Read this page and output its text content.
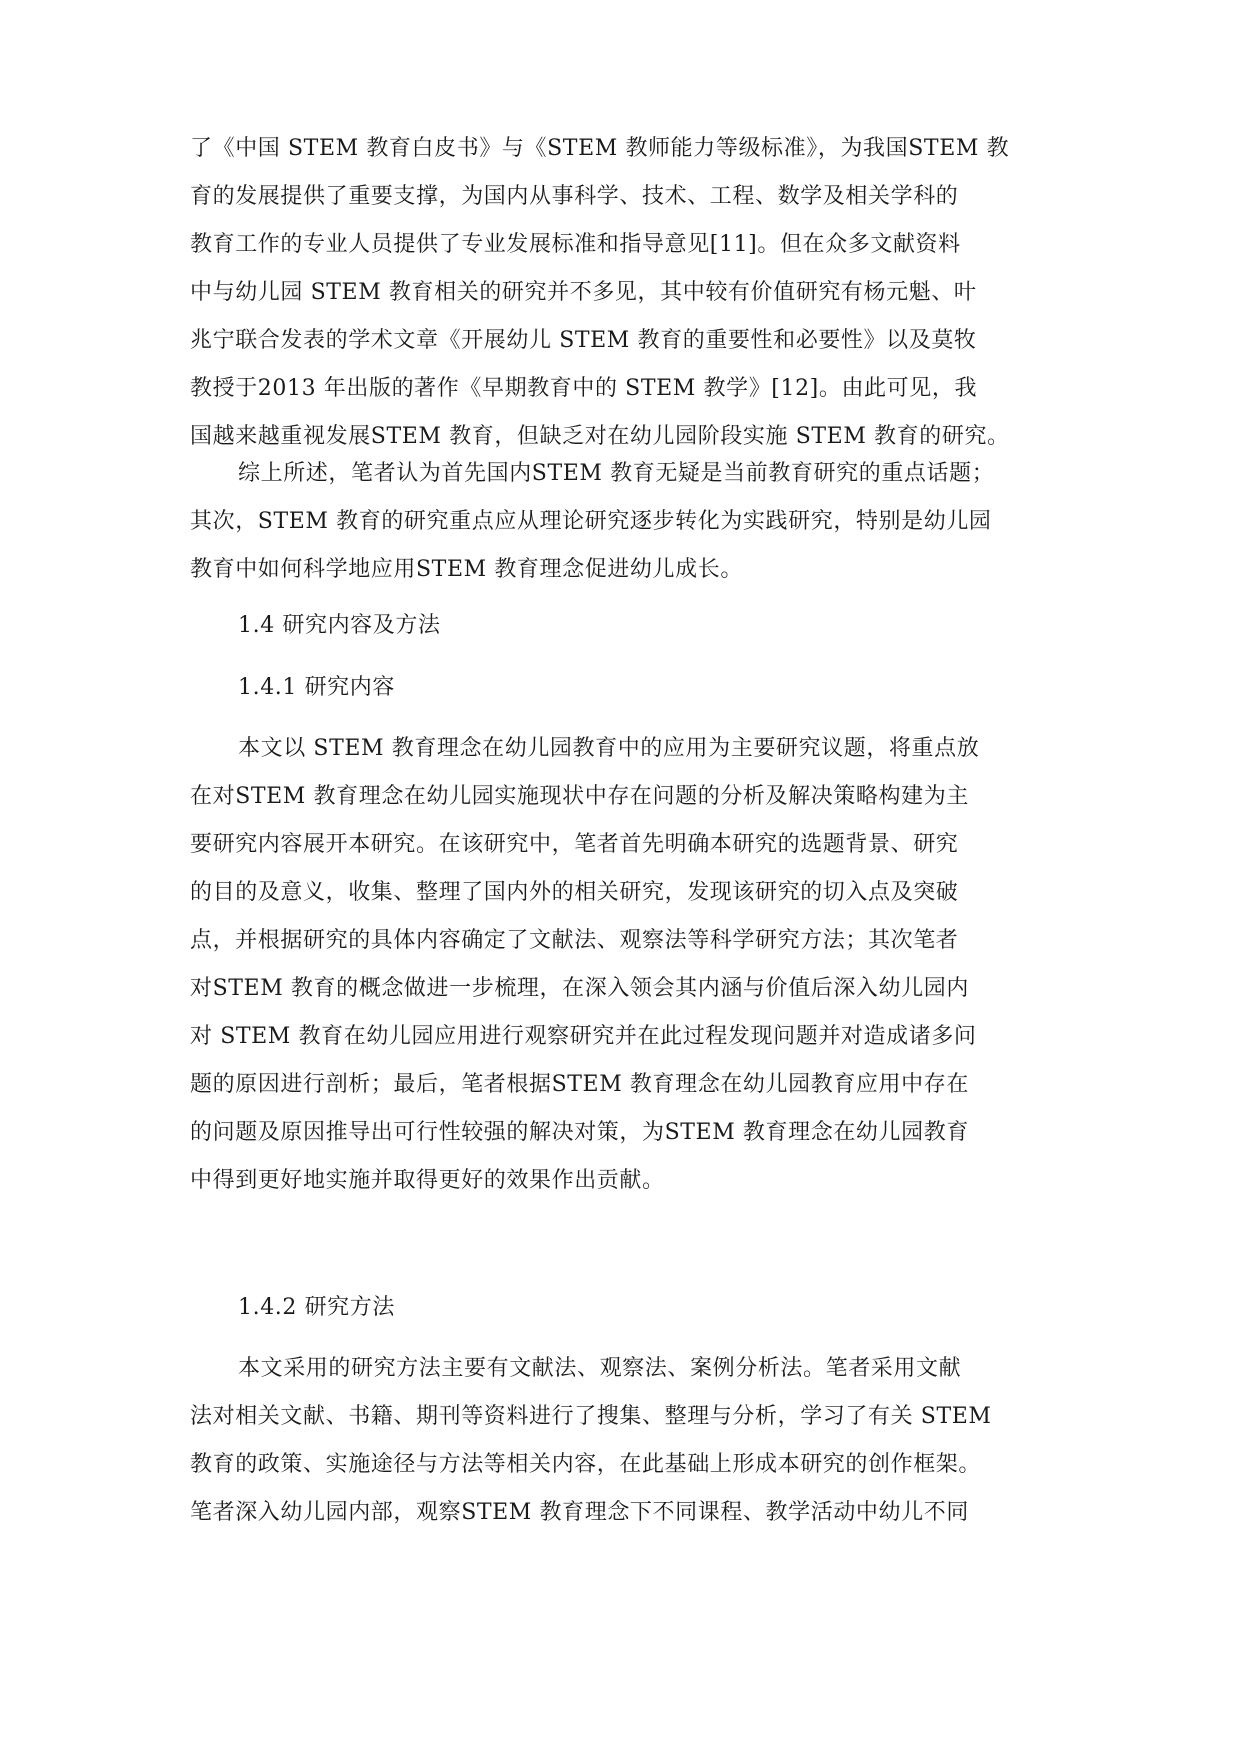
了《中国 STEM 教育白皮书》与《STEM 教师能力等级标准》，为我国STEM 教
育的发展提供了重要支撑，为国内从事科学、技术、工程、数学及相关学科的
教育工作的专业人员提供了专业发展标准和指导意见[11]。但在众多文献资料
中与幼儿园 STEM 教育相关的研究并不多见，其中较有价值研究有杨元魁、叶
兆宁联合发表的学术文章《开展幼儿 STEM 教育的重要性和必要性》以及莫牧
教授于2013 年出版的著作《早期教育中的 STEM 教学》[12]。由此可见，我
国越来越重视发展STEM 教育，但缺乏对在幼儿园阶段实施 STEM 教育的研究。
综上所述，笔者认为首先国内STEM 教育无疑是当前教育研究的重点话题；
其次，STEM 教育的研究重点应从理论研究逐步转化为实践研究，特别是幼儿园
教育中如何科学地应用STEM 教育理念促进幼儿成长。
1.4 研究内容及方法
1.4.1 研究内容
本文以 STEM 教育理念在幼儿园教育中的应用为主要研究议题，将重点放
在对STEM 教育理念在幼儿园实施现状中存在问题的分析及解决策略构建为主
要研究内容展开本研究。在该研究中，笔者首先明确本研究的选题背景、研究
的目的及意义，收集、整理了国内外的相关研究，发现该研究的切入点及突破
点，并根据研究的具体内容确定了文献法、观察法等科学研究方法；其次笔者
对STEM 教育的概念做进一步梳理，在深入领会其内涵与价值后深入幼儿园内
对 STEM 教育在幼儿园应用进行观察研究并在此过程发现问题并对造成诸多问
题的原因进行剖析；最后，笔者根据STEM 教育理念在幼儿园教育应用中存在
的问题及原因推导出可行性较强的解决对策，为STEM 教育理念在幼儿园教育
中得到更好地实施并取得更好的效果作出贡献。
1.4.2 研究方法
本文采用的研究方法主要有文献法、观察法、案例分析法。笔者采用文献
法对相关文献、书籍、期刊等资料进行了搜集、整理与分析，学习了有关 STEM
教育的政策、实施途径与方法等相关内容，在此基础上形成本研究的创作框架。
笔者深入幼儿园内部，观察STEM 教育理念下不同课程、教学活动中幼儿不同
